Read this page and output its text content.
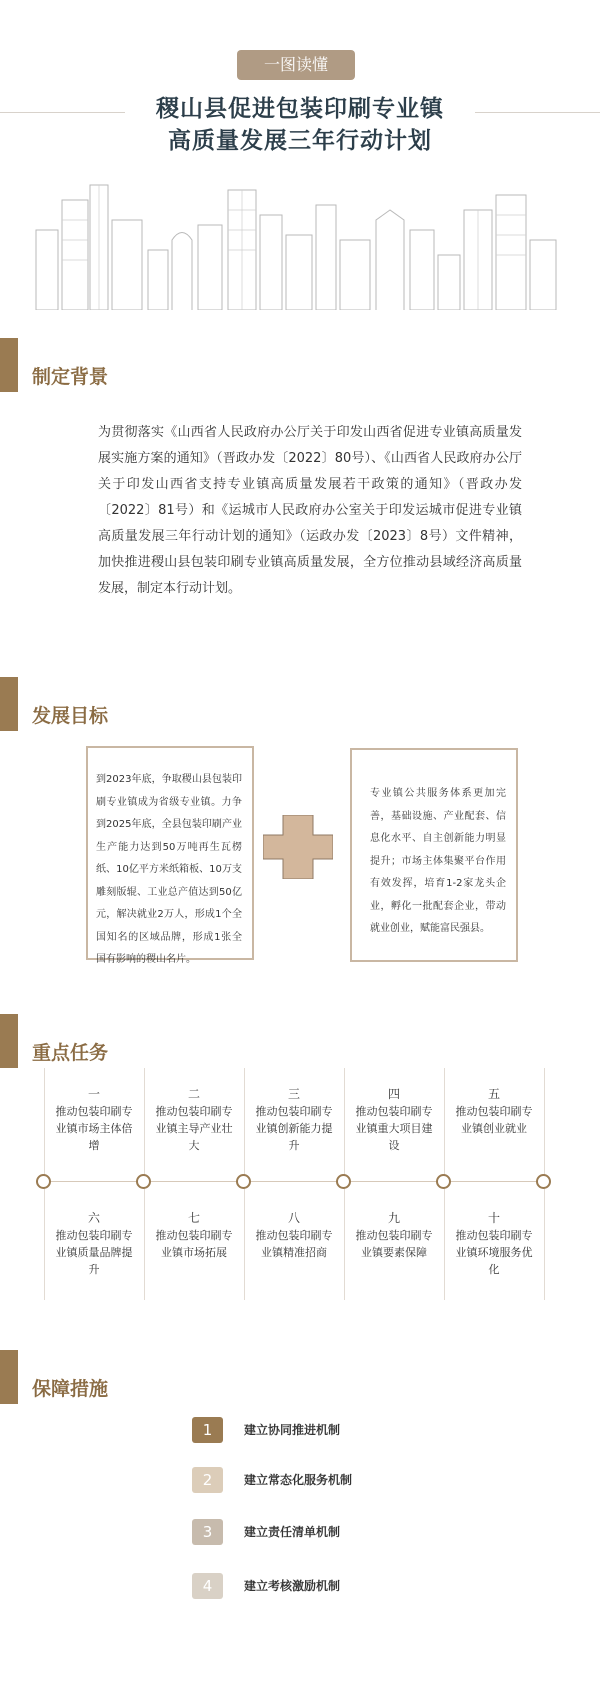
一图读懂
稷山县促进包装印刷专业镇
高质量发展三年行动计划
制定背景
为贯彻落实《山西省人民政府办公厅关于印发山西省促进专业镇高质量发展实施方案的通知》（晋政办发〔2022〕80号）、《山西省人民政府办公厅关于印发山西省支持专业镇高质量发展若干政策的通知》（晋政办发〔2022〕81号）和《运城市人民政府办公室关于印发运城市促进专业镇高质量发展三年行动计划的通知》（运政办发〔2023〕8号）文件精神，加快推进稷山县包装印刷专业镇高质量发展，全方位推动县域经济高质量发展，制定本行动计划。
发展目标
到2023年底，争取稷山县包装印刷专业镇成为省级专业镇。力争到2025年底，全县包装印刷产业生产能力达到50万吨再生瓦楞纸、10亿平方米纸箱板、10万支雕刻版辊、工业总产值达到50亿元，解决就业2万人，形成1个全国知名的区域品牌，形成1张全国有影响的稷山名片。
专业镇公共服务体系更加完善，基础设施、产业配套、信息化水平、自主创新能力明显提升；市场主体集聚平台作用有效发挥，培育1-2家龙头企业，孵化一批配套企业，带动就业创业，赋能富民强县。
重点任务
一
推动包装印刷专业镇市场主体倍增
二
推动包装印刷专业镇主导产业壮大
三
推动包装印刷专业镇创新能力提升
四
推动包装印刷专业镇重大项目建设
五
推动包装印刷专业镇创业就业
六
推动包装印刷专业镇质量品牌提升
七
推动包装印刷专业镇市场拓展
八
推动包装印刷专业镇精准招商
九
推动包装印刷专业镇要素保障
十
推动包装印刷专业镇环境服务优化
保障措施
1	建立协同推进机制
2	建立常态化服务机制
3	建立责任清单机制
4	建立考核激励机制
